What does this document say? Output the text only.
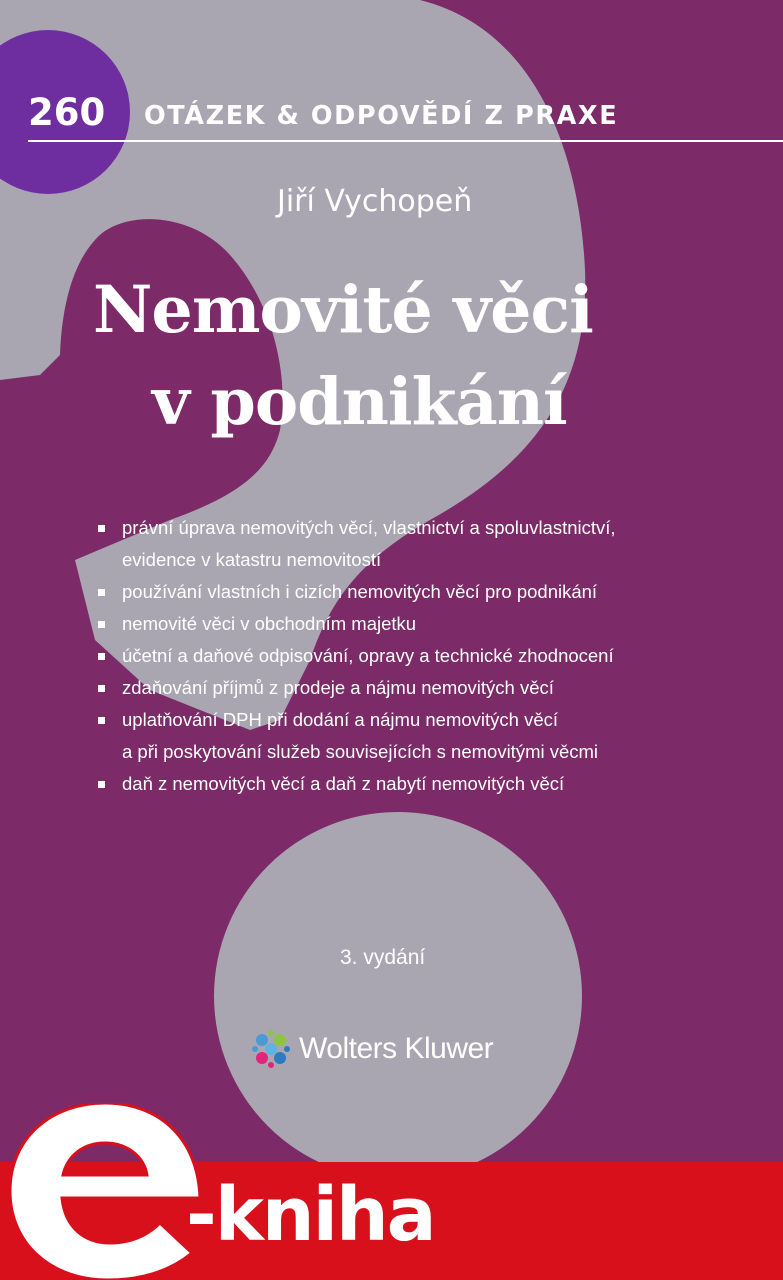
260 OTÁZEK & ODPOVĚDÍ Z PRAXE

Jiří Vychopeň

Nemovité věci
v podnikání
právní úprava nemovitých věcí, vlastnictví a spoluvlastnictví,
evidence v katastru nemovitostí
používání vlastních i cizích nemovitých věcí pro podnikání
nemovité věci v obchodním majetku
účetní a daňové odpisování, opravy a technické zhodnocení
zdaňování příjmů z prodeje a nájmu nemovitých věcí
uplatňování DPH při dodání a nájmu nemovitých věcí
a při poskytování služeb souvisejících s nemovitými věcmi
daň z nemovitých věcí a daň z nabytí nemovitých věcí

3. vydání

Wolters Kluwer

-kniha
